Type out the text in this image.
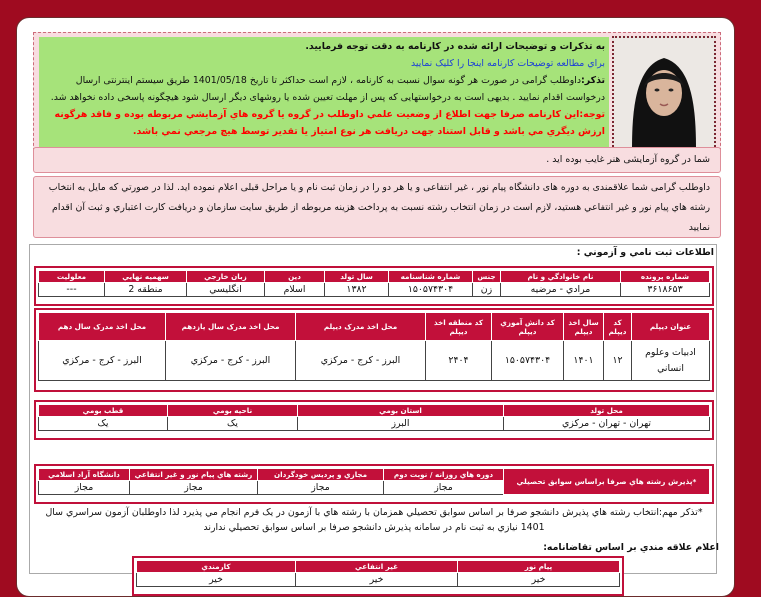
به تذکرات و توضیحات ارائه شده در کارنامه به دقت توجه فرمایید.
براي مطالعه توضيحات کارنامه اينجا را کليک نماييد
تذکر:داوطلب گرامی در صورت هر گونه سوال نسبت به کارنامه ، لازم است حداکثر تا تاریخ 1401/05/18 طریق سیستم اینترنتی ارسال درخواست اقدام نمایید . بدیهی است به درخواستهایی که پس از مهلت تعیین شده یا روشهای دیگر ارسال شود هیچگونه پاسخی داده نخواهد شد.
توجه:اين کارنامه صرفا جهت اطلاع از وضعيت علمي داوطلب در گروه يا گروه هاي آزمايشي مربوطه بوده و فاقد هرگونه ارزش ديگري مي باشد و قابل استناد جهت دريافت هر نوع امتياز يا تقدير توسط هيچ مرجعي نمي باشد.
شما در گروه آزمایشی هنر غایب بوده اید .
داوطلب گرامی شما علاقمندی به دوره های دانشگاه پیام نور ، غیر انتفاعی و یا هر دو را در زمان ثبت نام و یا مراحل قبلی اعلام نموده اید. لذا در صورتي که مايل به انتخاب رشته هاي پيام نور و غير انتفاعي هستيد، لازم است در زمان انتخاب رشته نسبت به پرداخت هزينه مربوطه از طريق سايت سازمان و دريافت کارت اعتباري و ثبت آن اقدام نماييد
اطلاعات ثبت نامي و آزموني :
شماره پرونده	نام خانوادگي و نام	جنس	شماره شناسنامه	سال تولد	دين	زبان خارجي	سهميه نهايي	معلوليت
۳۶۱۸۶۵۳	مرادي - مرضيه	زن	۱۵۰۵۷۴۳۰۴	۱۳۸۲	اسلام	انگليسي	منطقه 2	---
عنوان ديپلم	کد ديپلم	سال اخذ ديپلم	کد دانش آموزي ديپلم	کد منطقه اخذ ديپلم	محل اخذ مدرک ديپلم	محل اخذ مدرک سال يازدهم	محل اخذ مدرک سال دهم
ادبيات وعلوم انساني	۱۲	۱۴۰۱	۱۵۰۵۷۴۳۰۴	۲۴۰۴	البرز - کرج - مرکزي	البرز - کرج - مرکزي	البرز - کرج - مرکزي
محل تولد	استان بومي	ناحيه بومي	قطب بومي
تهران - تهران - مرکزي	البرز	يک	يک
*پذيرش رشته هاي صرفا براساس سوابق تحصيلي	دوره هاي روزانه / نوبت دوم	مجازي و پرديس خودگردان	رشته هاي پيام نور و غير انتفاعي	دانشگاه آزاد اسلامي
	مجاز	مجاز	مجاز	مجاز
*تذکر مهم:انتخاب رشته هاي پذيرش دانشجو صرفا بر اساس سوابق تحصيلي همزمان با رشته هاي با آزمون در يک فرم انجام مي پذيرد لذا داوطلبان آزمون سراسري سال 1401 نيازي به ثبت نام در سامانه پذيرش دانشجو صرفا بر اساس سوابق تحصيلي ندارند
اعلام علاقه مندي بر اساس تقاضانامه:
پيام نور	غير انتفاعي	کارمندي
خير	خير	خير
